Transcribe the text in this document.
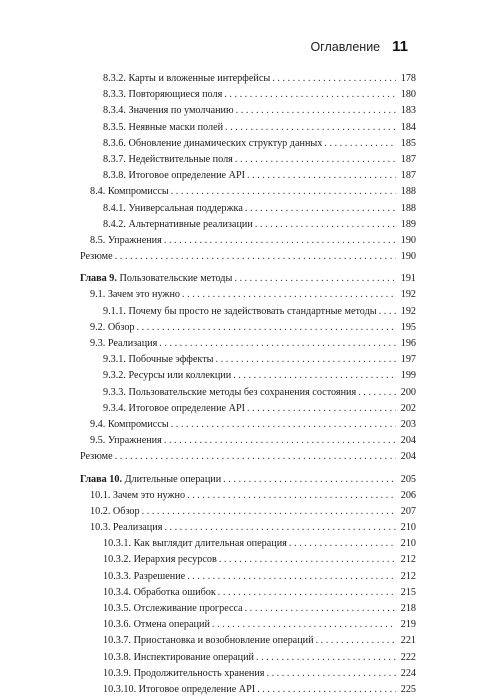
Оглавление 11
8.3.2. Карты и вложенные интерфейсы . . .	178
8.3.3. Повторяющиеся поля . . .	180
8.3.4. Значения по умолчанию . . .	183
8.3.5. Неявные маски полей . . .	184
8.3.6. Обновление динамических структур данных . . .	185
8.3.7. Недействительные поля . . .	187
8.3.8. Итоговое определение API . . .	187
8.4. Компромиссы . . .	188
8.4.1. Универсальная поддержка . . .	188
8.4.2. Альтернативные реализации . . .	189
8.5. Упражнения . . .	190
Резюме . . .	190
Глава 9. Пользовательские методы . . .	191
9.1. Зачем это нужно . . .	192
9.1.1. Почему бы просто не задействовать стандартные методы . . . 192
9.2. Обзор . . .	195
9.3. Реализация . . .	196
9.3.1. Побочные эффекты . . .	197
9.3.2. Ресурсы или коллекции . . .	199
9.3.3. Пользовательские методы без сохранения состояния . . .	200
9.3.4. Итоговое определение API . . .	202
9.4. Компромиссы . . .	203
9.5. Упражнения . . .	204
Резюме . . .	204
Глава 10. Длительные операции . . .	205
10.1. Зачем это нужно . . .	206
10.2. Обзор . . .	207
10.3. Реализация . . .	210
10.3.1. Как выглядит длительная операция . . .	210
10.3.2. Иерархия ресурсов . . .	212
10.3.3. Разрешение . . .	212
10.3.4. Обработка ошибок . . .	215
10.3.5. Отслеживание прогресса . . .	218
10.3.6. Отмена операций . . .	219
10.3.7. Приостановка и возобновление операций . . .	221
10.3.8. Инспектирование операций . . .	222
10.3.9. Продолжительность хранения . . .	224
10.3.10. Итоговое определение API . . .	225
